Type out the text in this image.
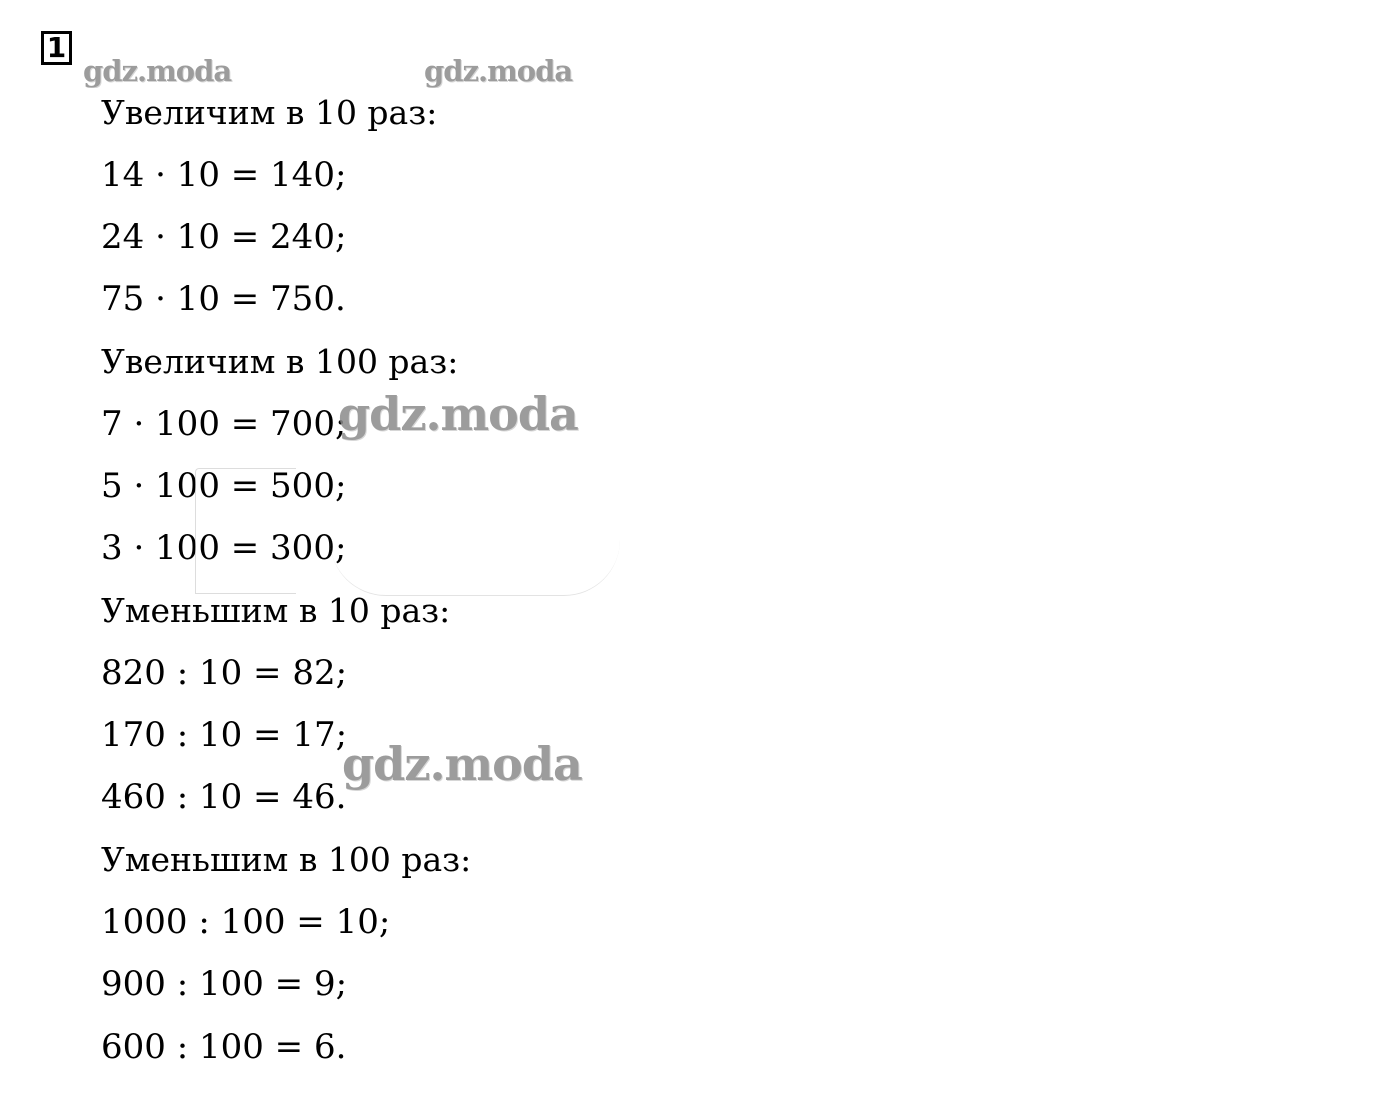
1
Увеличим в 10 раз:
14 · 10 = 140;
24 · 10 = 240;
75 · 10 = 750.
Увеличим в 100 раз:
7 · 100 = 700;
5 · 100 = 500;
3 · 100 = 300;
Уменьшим в 10 раз:
820 : 10 = 82;
170 : 10 = 17;
460 : 10 = 46.
Уменьшим в 100 раз:
1000 : 100 = 10;
900 : 100 = 9;
600 : 100 = 6.
gdz.moda	gdz.moda
gdz.moda
gdz.moda
